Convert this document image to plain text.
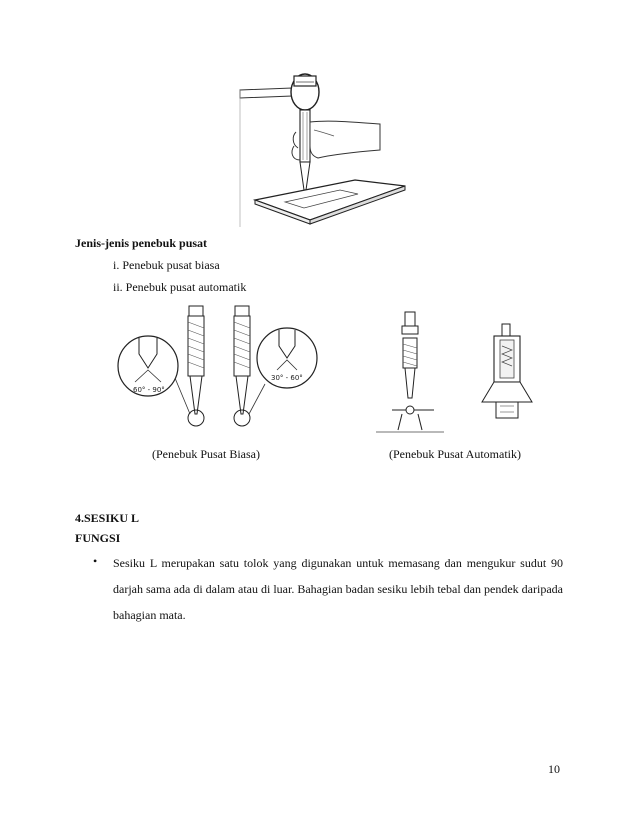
Jenis-jenis penebuk pusat
i. Penebuk pusat biasa
ii. Penebuk pusat automatik
60° - 90°
30° - 60°
(Penebuk Pusat Biasa)	(Penebuk Pusat Automatik)
4.SESIKU L
FUNGSI
• Sesiku L merupakan satu tolok yang digunakan untuk memasang dan mengukur sudut 90 darjah sama ada di dalam atau di luar. Bahagian badan sesiku lebih tebal dan pendek daripada bahagian mata.
10
